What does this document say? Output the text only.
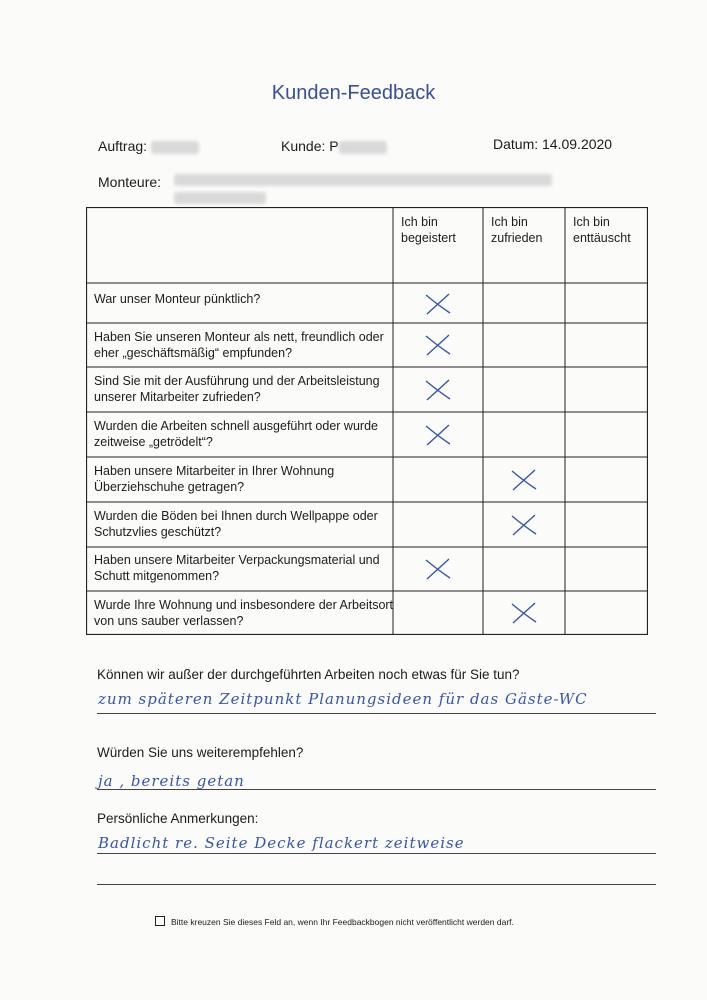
Kunden-Feedback
Auftrag:	Kunde: P	Datum: 14.09.2020
Monteure:
Ich bin begeistert
Ich bin zufrieden
Ich bin enttäuscht
War unser Monteur pünktlich?
Haben Sie unseren Monteur als nett, freundlich oder eher „geschäftsmäßig“ empfunden?
Sind Sie mit der Ausführung und der Arbeitsleistung unserer Mitarbeiter zufrieden?
Wurden die Arbeiten schnell ausgeführt oder wurde zeitweise „getrödelt“?
Haben unsere Mitarbeiter in Ihrer Wohnung Überziehschuhe getragen?
Wurden die Böden bei Ihnen durch Wellpappe oder Schutzvlies geschützt?
Haben unsere Mitarbeiter Verpackungsmaterial und Schutt mitgenommen?
Wurde Ihre Wohnung und insbesondere der Arbeitsort von uns sauber verlassen?
Können wir außer der durchgeführten Arbeiten noch etwas für Sie tun?
zum späteren Zeitpunkt Planungsideen für das Gäste-WC
Würden Sie uns weiterempfehlen?
ja , bereits getan
Persönliche Anmerkungen:
Badlicht re. Seite Decke flackert zeitweise
Bitte kreuzen Sie dieses Feld an, wenn Ihr Feedbackbogen nicht veröffentlicht werden darf.
